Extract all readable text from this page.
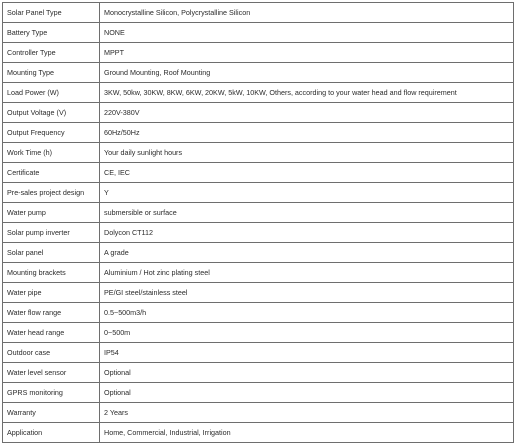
Solar Panel Type	Monocrystalline Silicon, Polycrystalline Silicon
Battery Type	NONE
Controller Type	MPPT
Mounting Type	Ground Mounting, Roof Mounting
Load Power (W)	3KW, 50kw, 30KW, 8KW, 6KW, 20KW, 5kW, 10KW, Others, according to your water head and flow requirement
Output Voltage (V)	220V-380V
Output Frequency	60Hz/50Hz
Work Time (h)	Your daily sunlight hours
Certificate	CE, IEC
Pre-sales project design	Y
Water pump	submersible or surface
Solar pump inverter	Dolycon CT112
Solar panel	A grade
Mounting brackets	Aluminium / Hot zinc plating steel
Water pipe	PE/GI steel/stainless steel
Water flow range	0.5~500m3/h
Water head range	0~500m
Outdoor case	IP54
Water level sensor	Optional
GPRS monitoring	Optional
Warranty	2 Years
Application	Home, Commercial, Industrial, Irrigation
